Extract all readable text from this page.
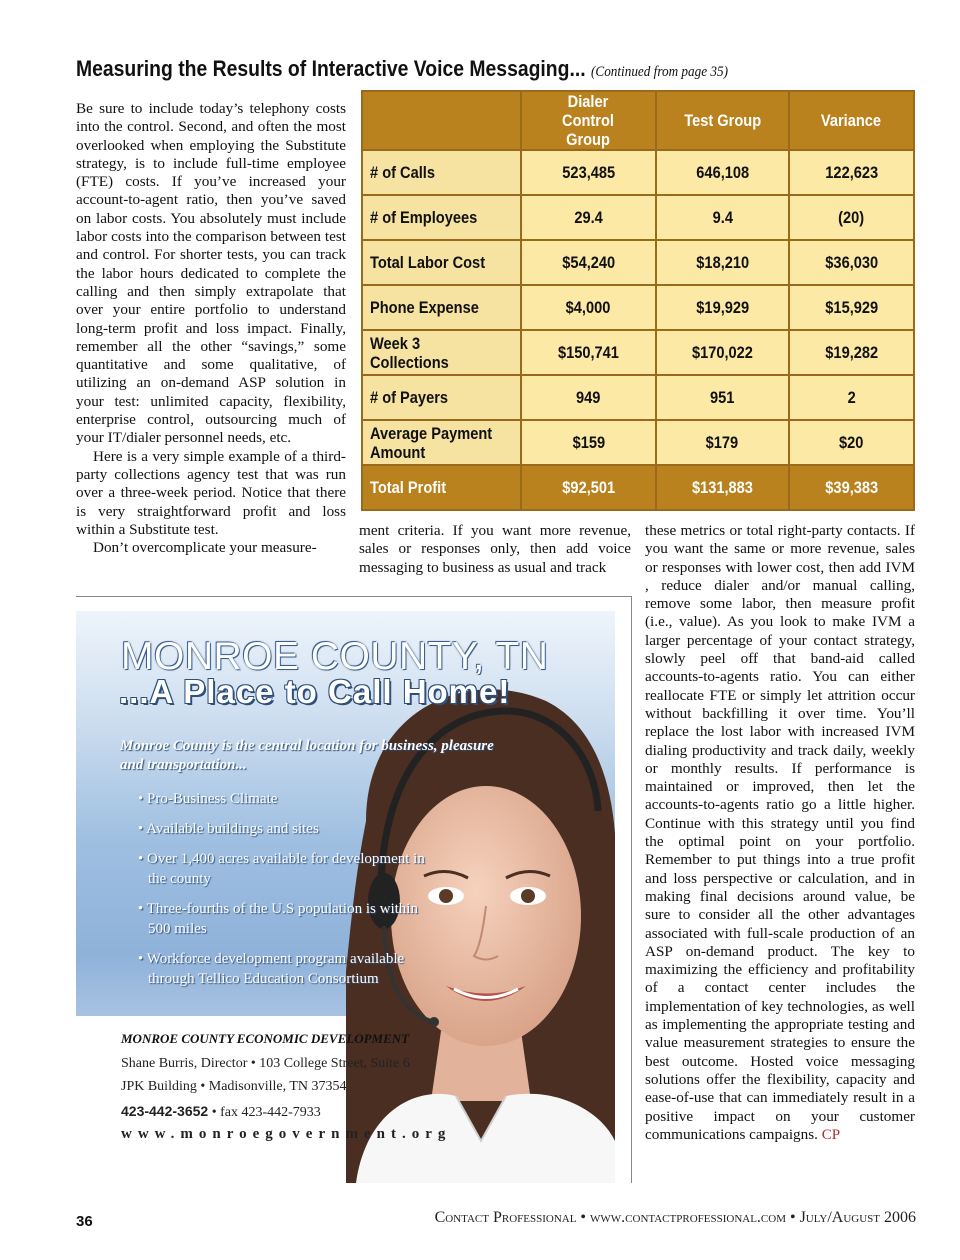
Measuring the Results of Interactive Voice Messaging... (Continued from page 35)

Be sure to include today’s telephony costs into the control. Second, and often the most overlooked when employing the Substitute strategy, is to include full-time employee (FTE) costs. If you’ve increased your account-to-agent ratio, then you’ve saved on labor costs. You absolutely must include labor costs into the comparison between test and control. For shorter tests, you can track the labor hours dedicated to complete the calling and then simply extrapolate that over your entire portfolio to understand long-term profit and loss impact. Finally, remember all the other “savings,” some quantitative and some qualitative, of utilizing an on-demand ASP solution in your test: unlimited capacity, flexibility, enterprise control, outsourcing much of your IT/dialer personnel needs, etc.

Here is a very simple example of a third-party collections agency test that was run over a three-week period. Notice that there is very straightforward profit and loss within a Substitute test.

Don’t overcomplicate your measure-

	Dialer Control Group	Test Group	Variance
# of Calls	523,485	646,108	122,623
# of Employees	29.4	9.4	(20)
Total Labor Cost	$54,240	$18,210	$36,030
Phone Expense	$4,000	$19,929	$15,929
Week 3 Collections	$150,741	$170,022	$19,282
# of Payers	949	951	2
Average Payment Amount	$159	$179	$20
Total Profit	$92,501	$131,883	$39,383

ment criteria. If you want more revenue, sales or responses only, then add voice messaging to business as usual and track

these metrics or total right-party contacts. If you want the same or more revenue, sales or responses with lower cost, then add IVM , reduce dialer and/or manual calling, remove some labor, then measure profit (i.e., value). As you look to make IVM a larger percentage of your contact strategy, slowly peel off that band-aid called accounts-to-agents ratio. You can either reallocate FTE or simply let attrition occur without backfilling it over time. You’ll replace the lost labor with increased IVM dialing productivity and track daily, weekly or monthly results. If performance is maintained or improved, then let the accounts-to-agents ratio go a little higher. Continue with this strategy until you find the optimal point on your portfolio. Remember to put things into a true profit and loss perspective or calculation, and in making final decisions around value, be sure to consider all the other advantages associated with full-scale production of an ASP on-demand product. The key to maximizing the efficiency and profitability of a contact center includes the implementation of key technologies, as well as implementing the appropriate testing and value measurement strategies to ensure the best outcome. Hosted voice messaging solutions offer the flexibility, capacity and ease-of-use that can immediately result in a positive impact on your customer communications campaigns. CP

MONROE COUNTY, TN
...A Place to Call Home!
Monroe County is the central location for business, pleasure and transportation...
• Pro-Business Climate
• Available buildings and sites
• Over 1,400 acres available for development in the county
• Three-fourths of the U.S population is within 500 miles
• Workforce development program available through Tellico Education Consortium
MONROE COUNTY ECONOMIC DEVELOPMENT
Shane Burris, Director • 103 College Street, Suite 6
JPK Building • Madisonville, TN 37354
423-442-3652 • fax 423-442-7933
www.monroegovernment.org
36	Contact Professional • www.contactprofessional.com • July/August 2006
